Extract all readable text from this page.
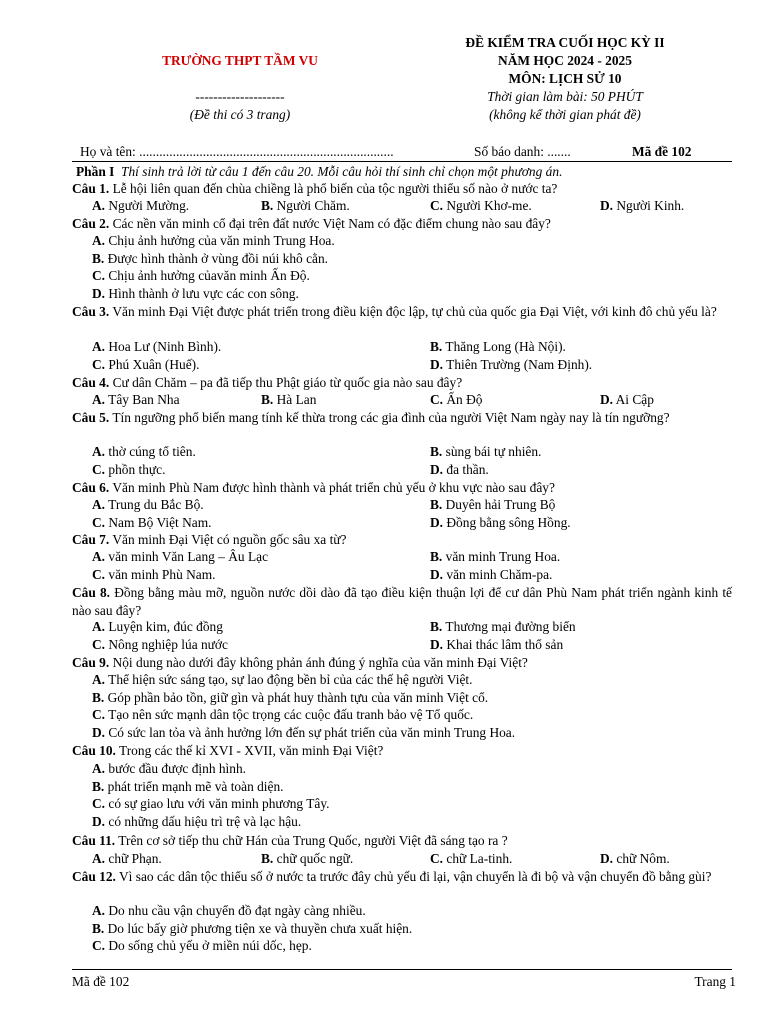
TRƯỜNG THPT TẦM VU
--------------------
(Đề thi có 3 trang)
ĐỀ KIỂM TRA CUỐI HỌC KỲ II
NĂM HỌC 2024 - 2025
MÔN: LỊCH SỬ 10
Thời gian làm bài: 50 PHÚT
(không kể thời gian phát đề)
Họ và tên: ............................................................................	Số báo danh: .......	Mã đề 102
Phần I Thí sinh trả lời từ câu 1 đến câu 20. Mỗi câu hỏi thí sinh chỉ chọn một phương án.
Câu 1. Lễ hội liên quan đến chùa chiềng là phổ biến của tộc người thiểu số nào ở nước ta?
A. Người Mường.	B. Người Chăm.	C. Người Khơ-me.	D. Người Kinh.
Câu 2. Các nền văn minh cổ đại trên đất nước Việt Nam có đặc điểm chung nào sau đây?
A. Chịu ảnh hưởng của văn minh Trung Hoa.
B. Được hình thành ở vùng đồi núi khô cằn.
C. Chịu ảnh hưởng củavăn minh Ấn Độ.
D. Hình thành ở lưu vực các con sông.
Câu 3. Văn minh Đại Việt được phát triển trong điều kiện độc lập, tự chủ của quốc gia Đại Việt, với kinh đô chủ yếu là?
A. Hoa Lư (Ninh Bình).	B. Thăng Long (Hà Nội).
C. Phú Xuân (Huế).	D. Thiên Trường (Nam Định).
Câu 4. Cư dân Chăm – pa đã tiếp thu Phật giáo từ quốc gia nào sau đây?
A. Tây Ban Nha	B. Hà Lan	C. Ấn Độ	D. Ai Cập
Câu 5. Tín ngưỡng phổ biến mang tính kế thừa trong các gia đình của người Việt Nam ngày nay là tín ngưỡng?
A. thờ cúng tổ tiên.	B. sùng bái tự nhiên.
C. phồn thực.	D. đa thần.
Câu 6. Văn minh Phù Nam được hình thành và phát triển chủ yếu ở khu vực nào sau đây?
A. Trung du Bắc Bộ.	B. Duyên hải Trung Bộ
C. Nam Bộ Việt Nam.	D. Đồng bằng sông Hồng.
Câu 7. Văn minh Đại Việt có nguồn gốc sâu xa từ?
A. văn minh Văn Lang – Âu Lạc	B. văn minh Trung Hoa.
C. văn minh Phù Nam.	D. văn minh Chăm-pa.
Câu 8. Đồng bằng màu mỡ, nguồn nước dồi dào đã tạo điều kiện thuận lợi để cư dân Phù Nam phát triển ngành kinh tế nào sau đây?
A. Luyện kim, đúc đồng	B. Thương mại đường biển
C. Nông nghiệp lúa nước	D. Khai thác lâm thổ sản
Câu 9. Nội dung nào dưới đây không phản ánh đúng ý nghĩa của văn minh Đại Việt?
A. Thể hiện sức sáng tạo, sự lao động bền bỉ của các thế hệ người Việt.
B. Góp phần bảo tồn, giữ gìn và phát huy thành tựu của văn minh Việt cổ.
C. Tạo nên sức mạnh dân tộc trọng các cuộc đấu tranh bảo vệ Tổ quốc.
D. Có sức lan tỏa và ảnh hưởng lớn đến sự phát triển của văn minh Trung Hoa.
Câu 10. Trong các thế kỉ XVI - XVII, văn minh Đại Việt?
A. bước đầu được định hình.
B. phát triển mạnh mẽ và toàn diện.
C. có sự giao lưu với văn minh phương Tây.
D. có những dấu hiệu trì trệ và lạc hậu.
Câu 11. Trên cơ sở tiếp thu chữ Hán của Trung Quốc, người Việt đã sáng tạo ra ?
A. chữ Phạn.	B. chữ quốc ngữ.	C. chữ La-tinh.	D. chữ Nôm.
Câu 12. Vì sao các dân tộc thiểu số ở nước ta trước đây chủ yếu đi lại, vận chuyển là đi bộ và vận chuyển đồ bằng gùi?
A. Do nhu cầu vận chuyển đồ đạt ngày càng nhiều.
B. Do lúc bấy giờ phương tiện xe và thuyền chưa xuất hiện.
C. Do sống chủ yếu ở miền núi dốc, hẹp.
Mã đề 102	Trang 1
